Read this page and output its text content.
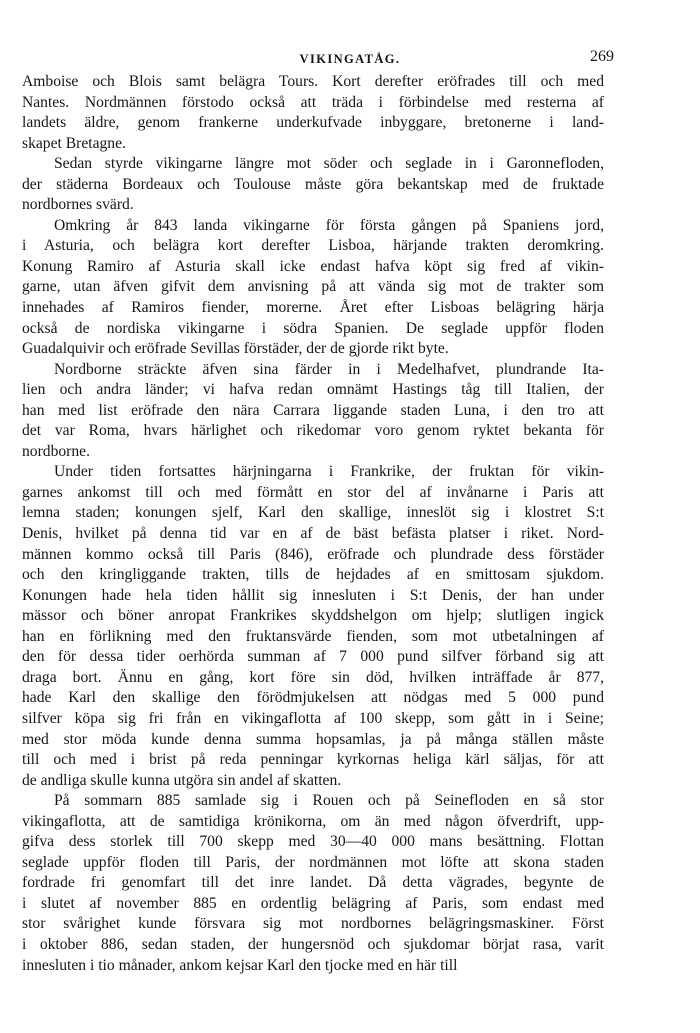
VIKINGATÅG.	269
Amboise och Blois samt belägra Tours. Kort derefter eröfrades till och med
Nantes. Nordmännen förstodo också att träda i förbindelse med resterna af
landets äldre, genom frankerne underkufvade inbyggare, bretonerne i land-
skapet Bretagne.
Sedan styrde vikingarne längre mot söder och seglade in i Garonnefloden,
der städerna Bordeaux och Toulouse måste göra bekantskap med de fruktade
nordbornes svärd.
Omkring år 843 landa vikingarne för första gången på Spaniens jord,
i Asturia, och belägra kort derefter Lisboa, härjande trakten deromkring.
Konung Ramiro af Asturia skall icke endast hafva köpt sig fred af vikin-
garne, utan äfven gifvit dem anvisning på att vända sig mot de trakter som
innehades af Ramiros fiender, morerne. Året efter Lisboas belägring härja
också de nordiska vikingarne i södra Spanien. De seglade uppför floden
Guadalquivir och eröfrade Sevillas förstäder, der de gjorde rikt byte.
Nordborne sträckte äfven sina färder in i Medelhafvet, plundrande Ita-
lien och andra länder; vi hafva redan omnämt Hastings tåg till Italien, der
han med list eröfrade den nära Carrara liggande staden Luna, i den tro att
det var Roma, hvars härlighet och rikedomar voro genom ryktet bekanta för
nordborne.
Under tiden fortsattes härjningarna i Frankrike, der fruktan för vikin-
garnes ankomst till och med förmått en stor del af invånarne i Paris att
lemna staden; konungen sjelf, Karl den skallige, inneslöt sig i klostret S:t
Denis, hvilket på denna tid var en af de bäst befästa platser i riket. Nord-
männen kommo också till Paris (846), eröfrade och plundrade dess förstäder
och den kringliggande trakten, tills de hejdades af en smittosam sjukdom.
Konungen hade hela tiden hållit sig innesluten i S:t Denis, der han under
mässor och böner anropat Frankrikes skyddshelgon om hjelp; slutligen ingick
han en förlikning med den fruktansvärde fienden, som mot utbetalningen af
den för dessa tider oerhörda summan af 7 000 pund silfver förband sig att
draga bort. Ännu en gång, kort före sin död, hvilken inträffade år 877,
hade Karl den skallige den förödmjukelsen att nödgas med 5 000 pund
silfver köpa sig fri från en vikingaflotta af 100 skepp, som gått in i Seine;
med stor möda kunde denna summa hopsamlas, ja på många ställen måste
till och med i brist på reda penningar kyrkornas heliga kärl säljas, för att
de andliga skulle kunna utgöra sin andel af skatten.
På sommarn 885 samlade sig i Rouen och på Seinefloden en så stor
vikingaflotta, att de samtidiga krönikorna, om än med någon öfverdrift, upp-
gifva dess storlek till 700 skepp med 30—40 000 mans besättning. Flottan
seglade uppför floden till Paris, der nordmännen mot löfte att skona staden
fordrade fri genomfart till det inre landet. Då detta vägrades, begynte de
i slutet af november 885 en ordentlig belägring af Paris, som endast med
stor svårighet kunde försvara sig mot nordbornes belägringsmaskiner. Först
i oktober 886, sedan staden, der hungersnöd och sjukdomar börjat rasa, varit
innesluten i tio månader, ankom kejsar Karl den tjocke med en här till
